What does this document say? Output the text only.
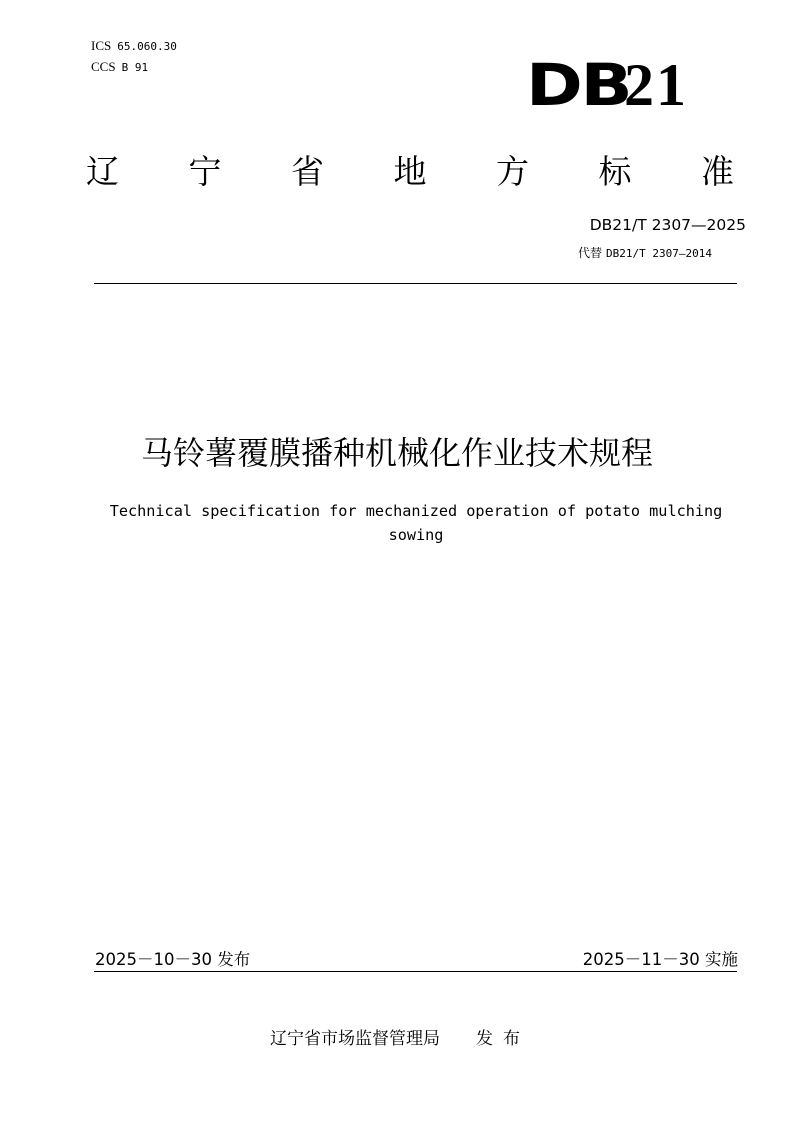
ICS 65.060.30
CCS B 91	DB
21
辽 宁 省 地 方 标 准
DB21/T 2307—2025
代替 DB21/T 2307—2014
马铃薯覆膜播种机械化作业技术规程
Technical specification for mechanized operation of potato mulching sowing
2025－10－30 发布	2025－11－30 实施
辽宁省市场监督管理局 发布
